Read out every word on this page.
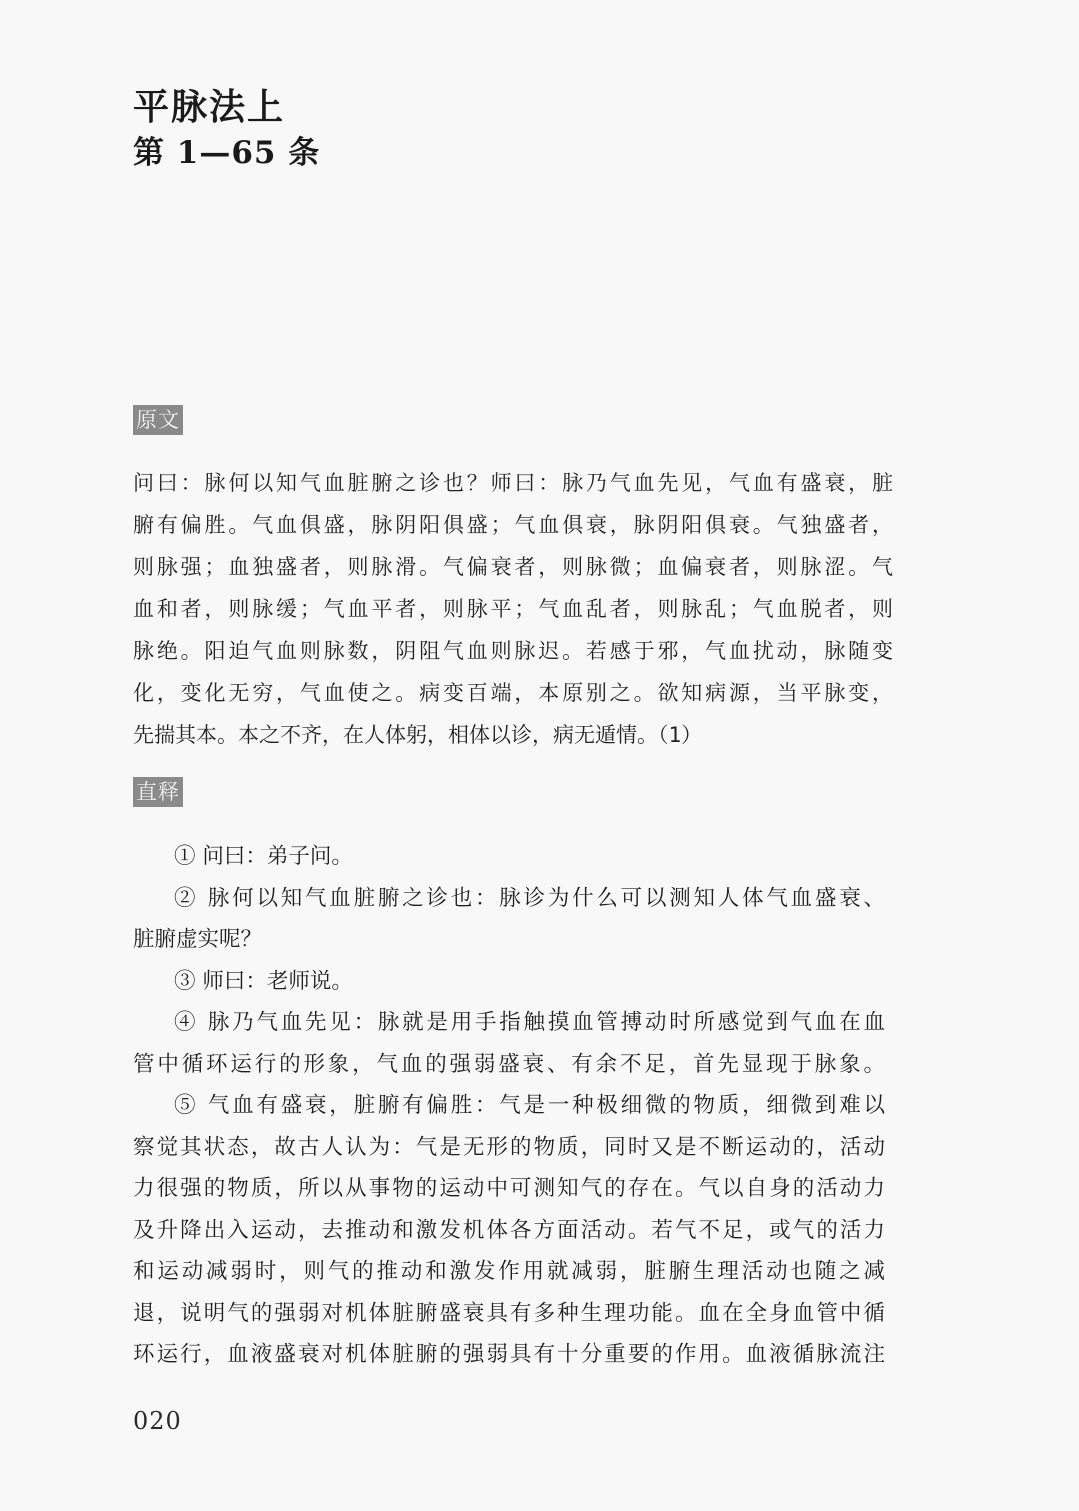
平脉法上
第 1—65 条
原文
问曰：脉何以知气血脏腑之诊也？师曰：脉乃气血先见，气血有盛衰，脏
腑有偏胜。气血俱盛，脉阴阳俱盛；气血俱衰，脉阴阳俱衰。气独盛者，
则脉强；血独盛者，则脉滑。气偏衰者，则脉微；血偏衰者，则脉涩。气
血和者，则脉缓；气血平者，则脉平；气血乱者，则脉乱；气血脱者，则
脉绝。阳迫气血则脉数，阴阻气血则脉迟。若感于邪，气血扰动，脉随变
化，变化无穷，气血使之。病变百端，本原别之。欲知病源，当平脉变，
先揣其本。本之不齐，在人体躬，相体以诊，病无遁情。（1）
直释
① 问曰：弟子问。
② 脉何以知气血脏腑之诊也：脉诊为什么可以测知人体气血盛衰、
脏腑虚实呢？
③ 师曰：老师说。
④ 脉乃气血先见：脉就是用手指触摸血管搏动时所感觉到气血在血
管中循环运行的形象，气血的强弱盛衰、有余不足，首先显现于脉象。
⑤ 气血有盛衰，脏腑有偏胜：气是一种极细微的物质，细微到难以
察觉其状态，故古人认为：气是无形的物质，同时又是不断运动的，活动
力很强的物质，所以从事物的运动中可测知气的存在。气以自身的活动力
及升降出入运动，去推动和激发机体各方面活动。若气不足，或气的活力
和运动减弱时，则气的推动和激发作用就减弱，脏腑生理活动也随之减
退，说明气的强弱对机体脏腑盛衰具有多种生理功能。血在全身血管中循
环运行，血液盛衰对机体脏腑的强弱具有十分重要的作用。血液循脉流注
020
